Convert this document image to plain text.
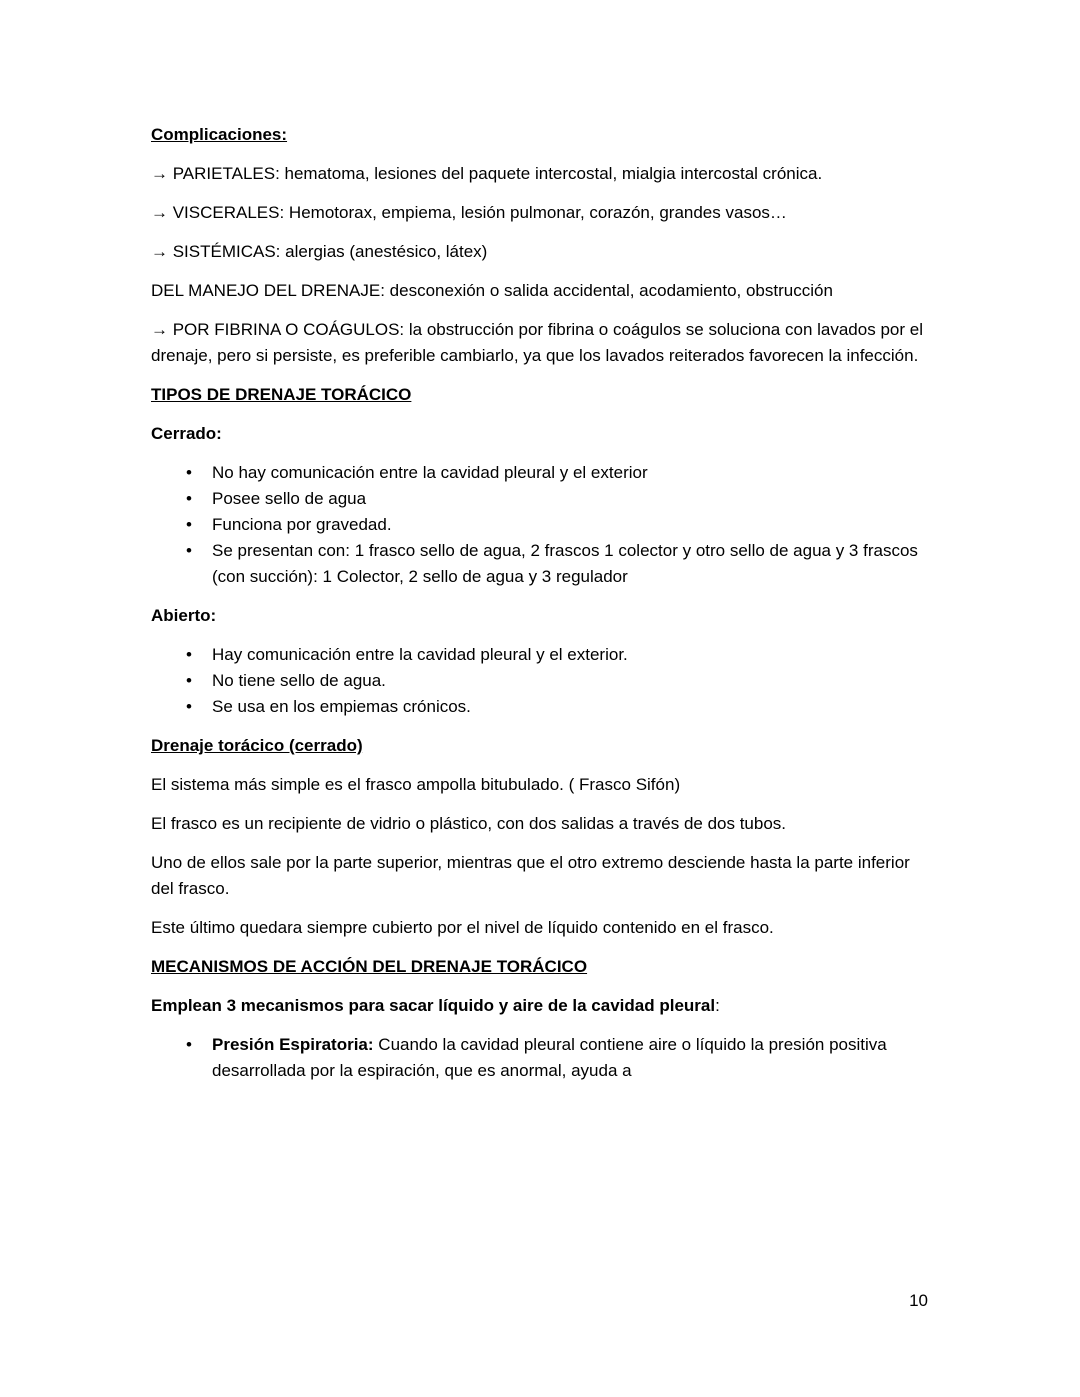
Complicaciones:

→ PARIETALES: hematoma, lesiones del paquete intercostal, mialgia intercostal crónica.

→ VISCERALES: Hemotorax, empiema, lesión pulmonar, corazón, grandes vasos…

→ SISTÉMICAS: alergias (anestésico, látex)

DEL MANEJO DEL DRENAJE: desconexión o salida accidental, acodamiento, obstrucción

→ POR FIBRINA O COÁGULOS: la obstrucción por fibrina o coágulos se soluciona con lavados por el drenaje, pero si persiste, es preferible cambiarlo, ya que los lavados reiterados favorecen la infección.

TIPOS DE DRENAJE TORÁCICO

Cerrado:

• No hay comunicación entre la cavidad pleural y el exterior
• Posee sello de agua
• Funciona por gravedad.
• Se presentan con: 1 frasco sello de agua, 2 frascos 1 colector y otro sello de agua y 3 frascos (con succión): 1 Colector, 2 sello de agua y 3 regulador

Abierto:

• Hay comunicación entre la cavidad pleural y el exterior.
• No tiene sello de agua.
• Se usa en los empiemas crónicos.
Drenaje torácico (cerrado)

El sistema más simple es el frasco ampolla bitubulado. ( Frasco Sifón)

El frasco es un recipiente de vidrio o plástico, con dos salidas a través de dos tubos.

Uno de ellos sale por la parte superior, mientras que el otro extremo desciende hasta la parte inferior del frasco.

Este último quedara siempre cubierto por el nivel de líquido contenido en el frasco.

MECANISMOS DE ACCIÓN DEL DRENAJE TORÁCICO

Emplean 3 mecanismos para sacar líquido y aire de la cavidad pleural:

• Presión Espiratoria: Cuando la cavidad pleural contiene aire o líquido la presión positiva desarrollada por la espiración, que es anormal, ayuda a
10
